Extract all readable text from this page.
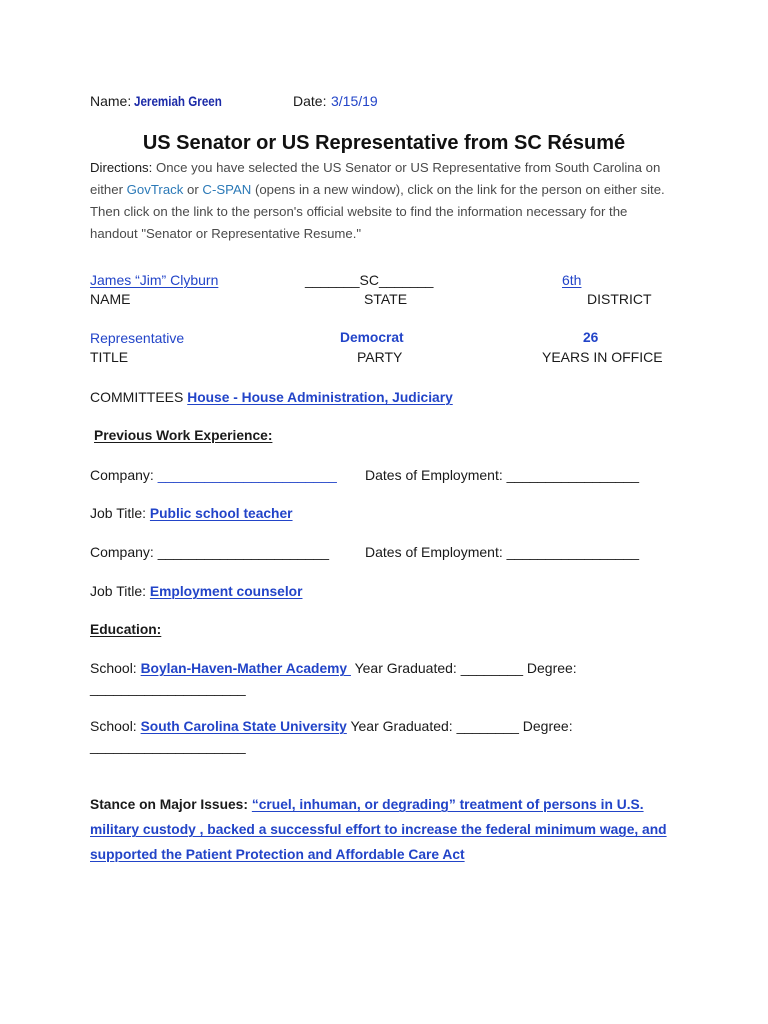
Name: Jeremiah Green	Date: 3/15/19
US Senator or US Representative from SC Résumé
Directions: Once you have selected the US Senator or US Representative from South Carolina on
either GovTrack or C-SPAN (opens in a new window), click on the link for the person on either site.
Then click on the link to the person's official website to find the information necessary for the
handout "Senator or Representative Resume."
James “Jim” Clyburn	_______SC_______	6th
NAME	STATE	DISTRICT
Representative	Democrat	26
TITLE	PARTY	YEARS IN OFFICE
COMMITTEES House - House Administration, Judiciary
Previous Work Experience:
Company: _______________________ Dates of Employment: _________________
Job Title: Public school teacher
Company: ______________________	Dates of Employment: _________________
Job Title: Employment counselor
Education:
School: Boylan-Haven-Mather Academy  Year Graduated: ________ Degree:
____________________
School: South Carolina State University Year Graduated: ________ Degree:
____________________
Stance on Major Issues: “cruel, inhuman, or degrading” treatment of persons in U.S.
military custody , backed a successful effort to increase the federal minimum wage, and
supported the Patient Protection and Affordable Care Act
